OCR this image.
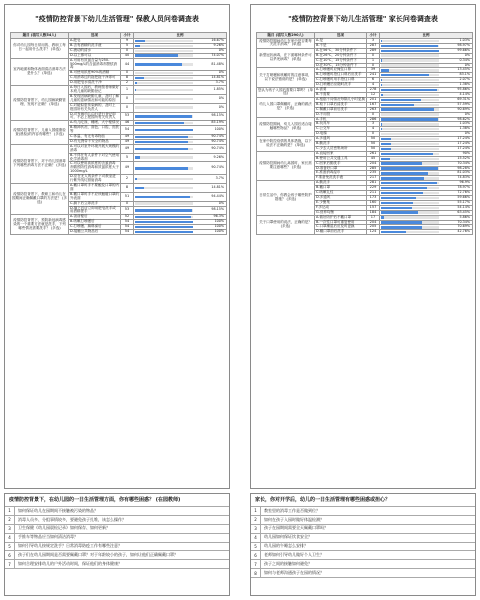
"疫情防控背景下幼儿生活管理" 保教人员问卷调查表
题目 (填写人数54人)	选项	小计	比例
你对幼儿园每日常用的、教职工每日一起用什么洗手？ (单选)	A.肥皂	9	16.67%

	B.含有酒精的洗手液	5	9.26%

	C.流动的清水	0	0%

	D.以上都可以	40	74.07%

室内地面和物体表面清洁消毒方法是什么？ (单选)	A.可用有效氯含量为250-500mg/L的含氯消毒剂擦拭消毒	44	81.48%

	B.可使用浓度90%的酒精	0	0%

	C.用消毒过的拖把拖干净即可	8	14.81%

	D.用肥皂水清洗干净	2	3.7%

疫情防控背景下，幼儿园病缺勤管理、发现不正确？ (单选)	A.每日入园后，教师按者师做好本班儿童的缺勤登记	1	1.85%

	B.发现因病缺勤儿童，及时了解儿童的患病情况和可能的原因	0	0%

	C.对疑似患传染病的，及时上报园所有关负责人	0	0%

	D.对发病幼儿由行进行登记即可，不必上报园所有关负责人	53	98.15%

疫情防控背景下，儿童入园健康检查(晨检)的内容有哪些？ (多选)	A.幼儿吃饭、睡眠、大小便情况	46	85.19%

	B.精神状况、面色、口腔、皮肤等	54	100%

	C.体温、有无有毒物品	49	90.74%

	D.有无携带不安全的物品	49	90.74%

疫情防控背景下，对于幼儿园消毒下列哪些消毒方法不正确？ (多选)	A.可以对室外环境开展大规模的消毒	49	90.74%

	B.不得在有人条件下对空气使用化学消毒剂	5	9.26%

	C.可以使用高浓度的含氯消毒剂做预防性消毒和效氯浓度大于1000mg/L	49	90.74%

	D.应在无人的条件下对教室进行紫外线灯照射消毒	2	3.7%

疫情防控背景下，教职工和幼儿在园期间正确佩戴口罩的方法是？ (多选)	A.戴口罩时手不要触及口罩的内面	8	14.81%

	B.戴口罩时手不应该触碰口罩的外表面	51	94.44%

	C.摘下后立即洗手	0	0%

	D.摘下后应立即用肥皂洗手或用酒精搓手	53	98.15%

疫情防控背景下，预防新冠病毒感染的一个重要方法就是洗手，下列哪些情况需要洗手？ (多选)	A.饭前便后	52	96.3%

	B.咳嗽打喷嚏后	54	100%

	C.打喷嚏、擤鼻涕后	54	100%

	D.接触公共物品后	54	100%
"疫情防控背景下幼儿生活管理" 家长问卷调查表
题目 (填写人数290人)	选项	小计	比例
疫情防控期间幼儿在家中是否要每天洗手消毒？ (单选)	A.是	3	1.03%

	B.不是	287	98.97%

新型冠状病毒，在下面哪种条件可以杀死病毒？ (单选)	A.在56℃，30分钟条件下	289	99.66%

	B.在26℃，20分钟条件下	0	0%

	C.在10℃，15分钟条件下	1	0.34%

	D.在30℃，15分钟条件下	0	0%

关于打喷嚏和咳嗽时的注意事项，以下说法错误的是？ (单选)	A.打喷嚏时应掩住口鼻	39	13.45%

	B.打喷嚏时捂住口鼻后应洗手	241	83.1%

	C.打喷嚏时用手捂住口鼻	6	2.07%

	D.打喷嚏后应随时洗手	4	1.38%

您认为孩子入园后需要口罩吗？ (单选)	A.需要	278	95.86%

	B.不需要	12	4.14%

幼儿入园口罩佩戴时，正确的做法是？ (多选)	A.根据不同情况每隔几小时更换	201	69.31%

	B.取下口罩后清洗手	167	57.59%

	C.佩戴口罩前后洗手	263	90.69%

	D.不用管	0	0%

疫情防控期间，幼儿入园后适合接触哪些物品？ (单选)	A.手机	286	98.62%

	B.玩具车	3	1.03%

	C.公交车	4	1.38%

	D.电梯	0	0%

在家中防控疫情的具体措施，以下说法不正确的是？ (单选)	A.多通风	50	17.24%

	B.勤洗手	50	17.24%

	C.少去人员密集场所	50	17.24%

疫情防控期间幼儿离园时，家长需要注意哪些？ (多选)	A.直接回家	261	90%

	B.使用公共交通工具	45	15.52%

	C.回家后勤洗手	204	70.34%

	D.准备好口罩	285	98.28%

	E.准备消毒湿巾	235	81.03%

	F.准备免洗洗手液	217	74.83%

日常生活中，你教会孩子哪些防护措施？ (多选)	A.勤洗手	281	96.9%

	B.戴口罩	229	78.97%

	C.咳嗽礼仪	211	72.76%

	D.多通风	173	59.66%

	E.少聚集	160	55.17%

	F.多运动	157	54.14%

	G.营养均衡	184	63.45%

关于口罩使用的说法，正确的是？ (多选)	A.做好防护后不戴口罩	17	5.86%

	B.一次性口罩可重复使用	204	70.34%

	C.口罩潮湿后应及时更换	205	70.69%

	D.戴口罩前后洗手	124	42.76%
疫情防控背景下，在幼儿园的一日生活管理方面，你有哪些困惑？ (在园教师)
1	如何保证幼儿在园期间不接触被污染的物品？
2	消毒人员多、分组事情较多，要避免孩子扎堆，该怎么操作？
3	卫生保健《幼儿园晨检记录》如何保存、如何更新？
4	手推车等物品应当如何清洁消毒？
5	如何引导幼儿按规定洗手？日常消毒防疫工作有哪些注意？
6	孩子们在幼儿园期间是否需要佩戴口罩？对于年龄较小的孩子，如何让他们正确佩戴口罩？
7	如何合理安排幼儿的户外活动时间，保证他们的身体健康？
家长，你对开学后，幼儿的一日生活管理有哪些困惑或担心？
1	教室里的消毒工作是否做到位？
2	如何在孩子入园时做好体温检测？
3	孩子在园期间需要全天佩戴口罩吗？
4	幼儿园如何保证饮食安全？
5	幼儿园的午睡怎么安排？
6	老师如何引导幼儿做好个人卫生？
7	孩子之间的接触如何避免？
8	如何与老师沟通孩子在园的情况？
